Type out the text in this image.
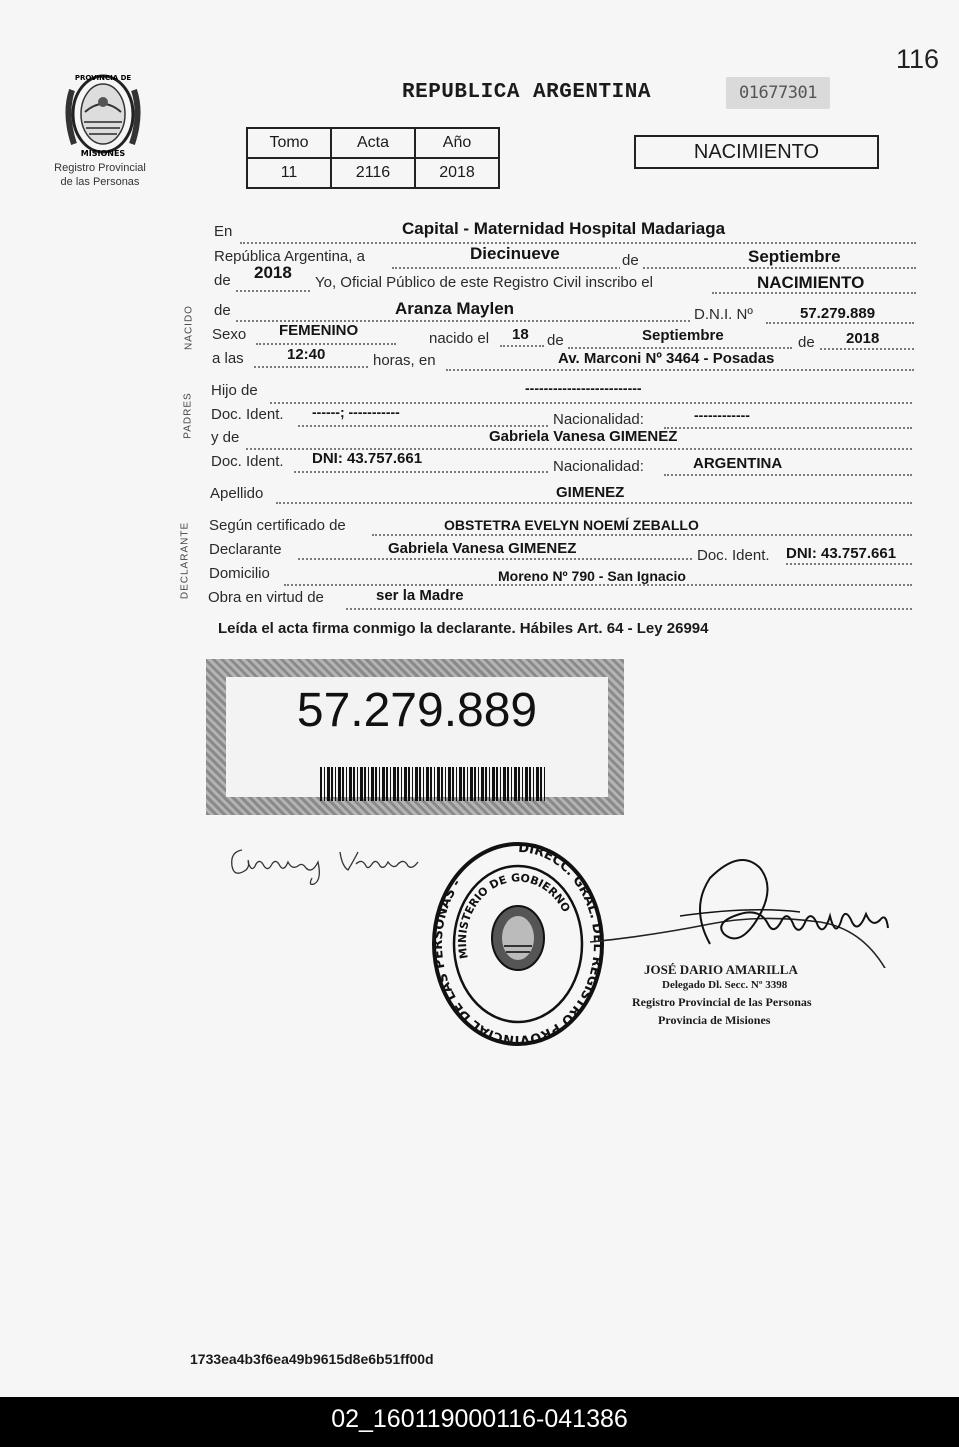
116
PROVINCIA DE
MISIONES
Registro Provincial
de las Personas
REPUBLICA ARGENTINA	01677301
Tomo	Acta	Año
11	2116	2018
NACIMIENTO
NACIDO
PADRES
DECLARANTE
En	Capital - Maternidad Hospital Madariaga
República Argentina, a	Diecinueve	de	Septiembre
de 2018
Yo, Oficial Público de este Registro Civil inscribo el	NACIMIENTO
de	Aranza Maylen	D.N.I. Nº	57.279.889
Sexo FEMENINO	nacido el 18 de	Septiembre	de 2018
a las	12:40	horas, en	Av. Marconi Nº 3464 - Posadas
Hijo de	-------------------------
Doc. Ident. ------; -----------	Nacionalidad:	------------
y de	Gabriela Vanesa GIMENEZ
Doc. Ident. DNI: 43.757.661	Nacionalidad:	ARGENTINA
Apellido	GIMENEZ
Según certificado de	OBSTETRA EVELYN NOEMÍ ZEBALLO
Declarante	Gabriela Vanesa GIMENEZ	Doc. Ident. DNI: 43.757.661
Domicilio	Moreno Nº 790 - San Ignacio
Obra en virtud de	ser la Madre
Leída el acta firma conmigo la declarante. Hábiles Art. 64 - Ley 26994
57.279.889
DIRECC. GRAL. DEL REGISTRO PROVINCIAL DE LAS PERSONAS -
MINISTERIO DE GOBIERNO
JOSÉ DARIO AMARILLA
Delegado Dl. Secc. Nº 3398
Registro Provincial de las Personas
Provincia de Misiones
1733ea4b3f6ea49b9615d8e6b51ff00d
02_160119000116-041386
